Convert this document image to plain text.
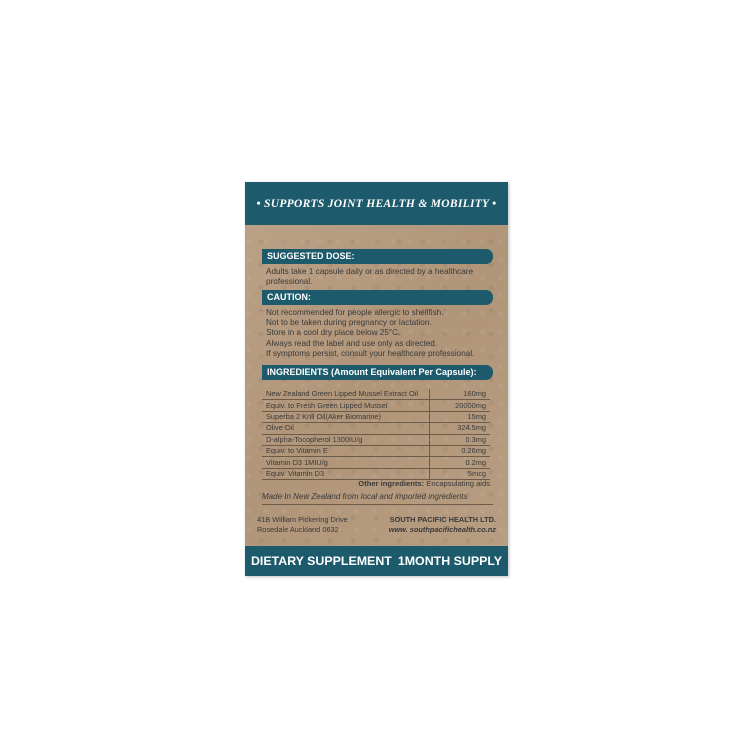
• SUPPORTS JOINT HEALTH & MOBILITY •
SUGGESTED DOSE:
Adults take 1 capsule daily or as directed by a healthcare
professional.
CAUTION:
Not recommended for people allergic to shellfish.
Not to be taken during pregnancy or lactation.
Store in a cool dry place below 25°C.
Always read the label and use only as directed.
If symptoms persist, consult your healthcare professional.
INGREDIENTS (Amount Equivalent Per Capsule):
New Zealand Green Lipped Mussel Extract Oil	160mg
Equiv. to Fresh Green Lipped Mussel	20000mg
Superba 2 Krill Oil(Aker Biomarine)	15mg
Olive Oil	324.5mg
D-alpha-Tocopherol 1300IU/g	0.3mg
Equiv. to Vitamin E	0.26mg
Vitamin D3 1MIU/g	0.2mg
Equiv. Vitamin D3	5mcg
Other ingredients: Encapsulating aids
Made In New Zealand from local and imported ingredients
41B William Pickering Drive
Rosedale Auckland 0632
SOUTH PACIFIC HEALTH LTD.
www. southpacifichealth.co.nz
DIETARY SUPPLEMENT 1MONTH SUPPLY
